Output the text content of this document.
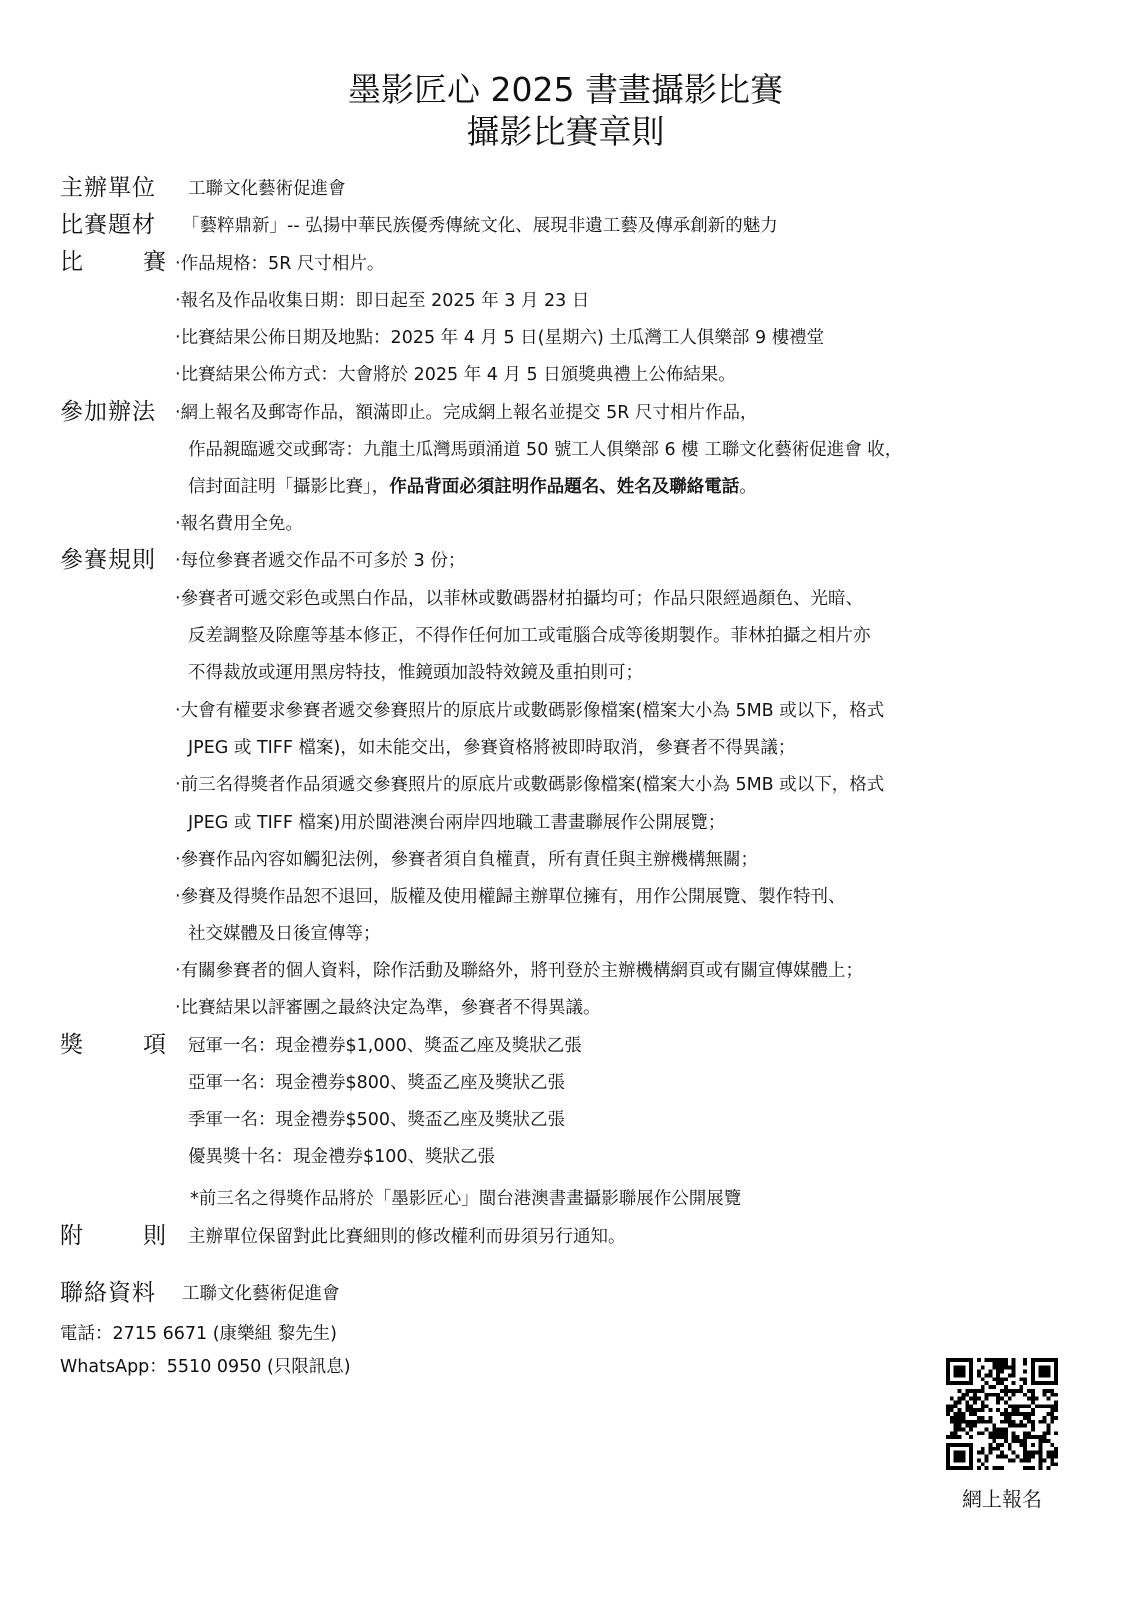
墨影匠心 2025 書畫攝影比賽
攝影比賽章則
主辦單位 工聯文化藝術促進會
比賽題材 「藝粹鼎新」-- 弘揚中華民族優秀傳統文化、展現非遺工藝及傳承創新的魅力
比	賽 ‧作品規格：5R 尺寸相片。
‧報名及作品收集日期：即日起至 2025 年 3 月 23 日
‧比賽結果公佈日期及地點：2025 年 4 月 5 日(星期六) 土瓜灣工人俱樂部 9 樓禮堂
‧比賽結果公佈方式：大會將於 2025 年 4 月 5 日頒獎典禮上公佈結果。
參加辦法 ‧網上報名及郵寄作品，額滿即止。完成網上報名並提交 5R 尺寸相片作品，
作品親臨遞交或郵寄：九龍土瓜灣馬頭涌道 50 號工人俱樂部 6 樓 工聯文化藝術促進會 收，
信封面註明「攝影比賽」，作品背面必須註明作品題名、姓名及聯絡電話。
‧報名費用全免。
參賽規則 ‧每位參賽者遞交作品不可多於 3 份；
‧參賽者可遞交彩色或黑白作品，以菲林或數碼器材拍攝均可；作品只限經過顏色、光暗、
反差調整及除塵等基本修正，不得作任何加工或電腦合成等後期製作。菲林拍攝之相片亦
不得裁放或運用黑房特技，惟鏡頭加設特效鏡及重拍則可；
‧大會有權要求參賽者遞交參賽照片的原底片或數碼影像檔案(檔案大小為 5MB 或以下，格式
JPEG 或 TIFF 檔案)，如未能交出，參賽資格將被即時取消，參賽者不得異議；
‧前三名得獎者作品須遞交參賽照片的原底片或數碼影像檔案(檔案大小為 5MB 或以下，格式
JPEG 或 TIFF 檔案)用於閩港澳台兩岸四地職工書畫聯展作公開展覽；
‧參賽作品內容如觸犯法例，參賽者須自負權責，所有責任與主辦機構無關；
‧參賽及得獎作品恕不退回，版權及使用權歸主辦單位擁有，用作公開展覽、製作特刊、
社交媒體及日後宣傳等；
‧有關參賽者的個人資料，除作活動及聯絡外，將刊登於主辦機構網頁或有關宣傳媒體上；
‧比賽結果以評審團之最終決定為準，參賽者不得異議。
獎	項 冠軍一名：現金禮券$1,000、獎盃乙座及獎狀乙張
亞軍一名：現金禮券$800、獎盃乙座及獎狀乙張
季軍一名：現金禮券$500、獎盃乙座及獎狀乙張
優異獎十名：現金禮券$100、獎狀乙張
*前三名之得獎作品將於「墨影匠心」閩台港澳書畫攝影聯展作公開展覽
附	則 主辦單位保留對此比賽細則的修改權利而毋須另行通知。
聯絡資料 工聯文化藝術促進會
電話：2715 6671 (康樂組 黎先生)
WhatsApp：5510 0950 (只限訊息)
網上報名
